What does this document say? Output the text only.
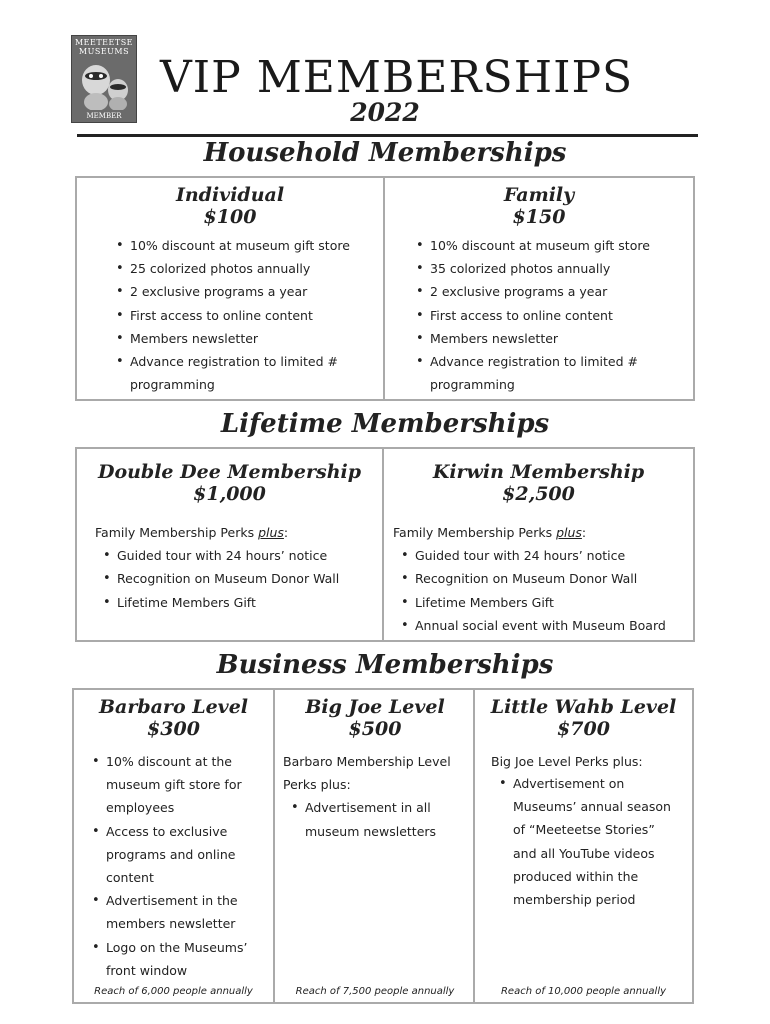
MEETEETSE
MUSEUMS
MEMBER
VIP MEMBERSHIPS
2022
Household Memberships
Individual
$100
• 10% discount at museum gift store
• 25 colorized photos annually
• 2 exclusive programs a year
• First access to online content
• Members newsletter
• Advance registration to limited # programming
Family
$150
• 10% discount at museum gift store
• 35 colorized photos annually
• 2 exclusive programs a year
• First access to online content
• Members newsletter
• Advance registration to limited # programming
Lifetime Memberships
Double Dee Membership
$1,000
Family Membership Perks plus:
• Guided tour with 24 hours’ notice
• Recognition on Museum Donor Wall
• Lifetime Members Gift
Kirwin Membership
$2,500
Family Membership Perks plus:
• Guided tour with 24 hours’ notice
• Recognition on Museum Donor Wall
• Lifetime Members Gift
• Annual social event with Museum Board
Business Memberships
Barbaro Level
$300
• 10% discount at the museum gift store for employees
• Access to exclusive programs and online content
• Advertisement in the members newsletter
• Logo on the Museums’ front window
Reach of 6,000 people annually
Big Joe Level
$500
Barbaro Membership Level Perks plus:
• Advertisement in all museum newsletters
Reach of 7,500 people annually
Little Wahb Level
$700
Big Joe Level Perks plus:
• Advertisement on Museums’ annual season of “Meeteetse Stories” and all YouTube videos produced within the membership period
Reach of 10,000 people annually
